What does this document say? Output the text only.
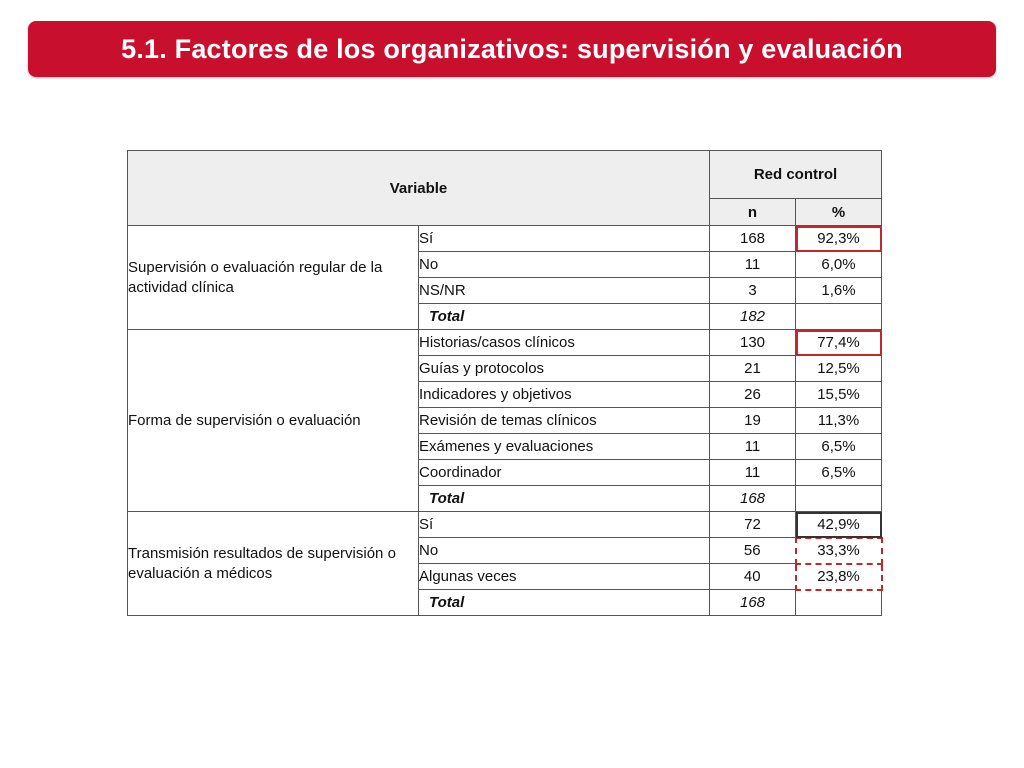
5.1. Factores de los organizativos: supervisión y evaluación
Variable		Red control	
		n	%
Supervisión o evaluación regular de la actividad clínica	Sí	168	92,3%
	No	11	6,0%
	NS/NR	3	1,6%
	Total	182	
Forma de supervisión o evaluación	Historias/casos clínicos	130	77,4%
	Guías y protocolos	21	12,5%
	Indicadores y objetivos	26	15,5%
	Revisión de temas clínicos	19	11,3%
	Exámenes y evaluaciones	11	6,5%
	Coordinador	11	6,5%
	Total	168	
Transmisión resultados de supervisión o evaluación a médicos	Sí	72	42,9%
	No	56	33,3%
	Algunas veces	40	23,8%
	Total	168	
